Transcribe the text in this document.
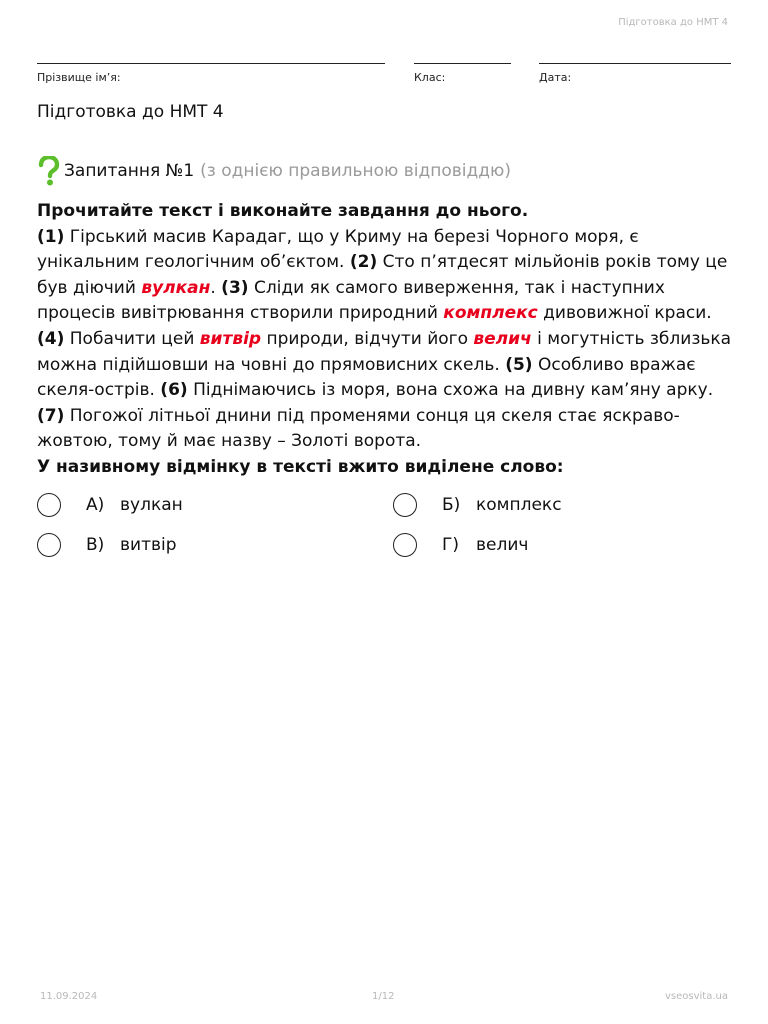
Підготовка до НМТ 4
Прізвище ім’я:	Клас:	Дата:
Підготовка до НМТ 4
Запитання №1 (з однією правильною відповіддю)
Прочитайте текст і виконайте завдання до нього.
(1) Гірський масив Карадаг, що у Криму на березі Чорного моря, є унікальним геологічним об’єктом. (2) Сто п’ятдесят мільйонів років тому це був діючий вулкан. (3) Сліди як самого виверження, так і наступних процесів вивітрювання створили природний комплекс дивовижної краси. (4) Побачити цей витвір природи, відчути його велич і могутність зблизька можна підійшовши на човні до прямовисних скель. (5) Особливо вражає скеля-острів. (6) Піднімаючись із моря, вона схожа на дивну кам’яну арку. (7) Погожої літньої днини під променями сонця ця скеля стає яскраво-жовтою, тому й має назву – Золоті ворота.
У називному відмінку в тексті вжито виділене слово:
А) вулкан	Б) комплекс
В) витвір	Г)	велич
11.09.2024	1/12	vseosvita.ua
